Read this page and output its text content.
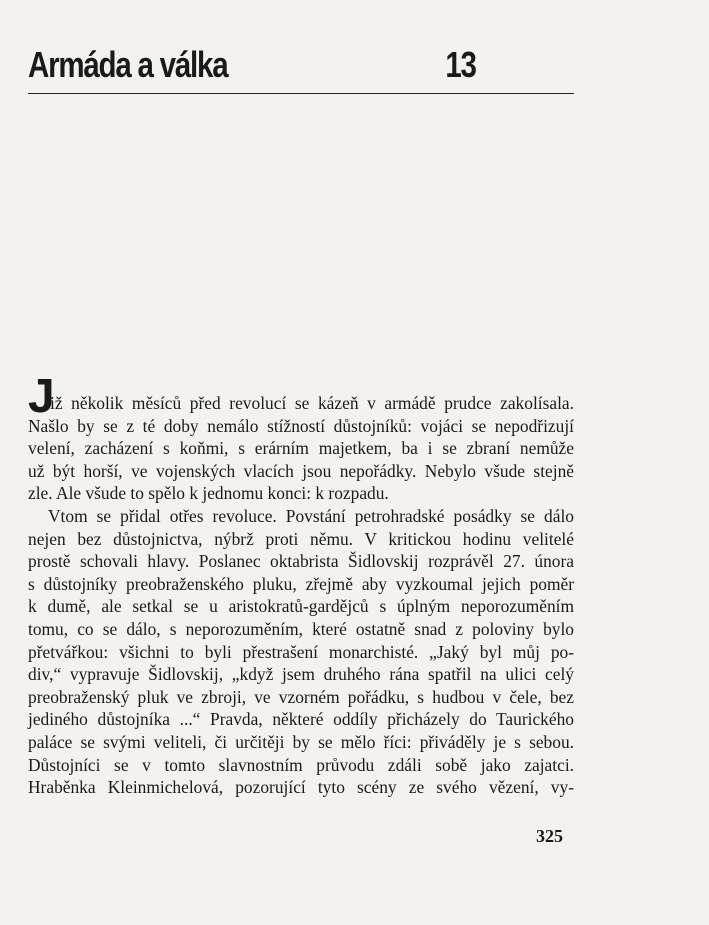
Armáda a válka	13
J
iž několik měsíců před revolucí se kázeň v armádě prudce zakolísala.
Našlo by se z té doby nemálo stížností důstojníků: vojáci se nepodřizují
velení, zacházení s koňmi, s erárním majetkem, ba i se zbraní nemůže
už být horší, ve vojenských vlacích jsou nepořádky. Nebylo všude stejně
zle. Ale všude to spělo k jednomu konci: k rozpadu.
Vtom se přidal otřes revoluce. Povstání petrohradské posádky se dálo
nejen bez důstojnictva, nýbrž proti němu. V kritickou hodinu velitelé
prostě schovali hlavy. Poslanec oktabrista Šidlovskij rozprávěl 27. února
s důstojníky preobraženského pluku, zřejmě aby vyzkoumal jejich poměr
k dumě, ale setkal se u aristokratů-gardějců s úplným neporozuměním
tomu, co se dálo, s neporozuměním, které ostatně snad z poloviny bylo
přetvářkou: všichni to byli přestrašení monarchisté. „Jaký byl můj po-
div,“ vypravuje Šidlovskij, „když jsem druhého rána spatřil na ulici celý
preobraženský pluk ve zbroji, ve vzorném pořádku, s hudbou v čele, bez
jediného důstojníka ...“ Pravda, některé oddíly přicházely do Taurického
paláce se svými veliteli, či určitěji by se mělo říci: přiváděly je s sebou.
Důstojníci se v tomto slavnostním průvodu zdáli sobě jako zajatci.
Hraběnka Kleinmichelová, pozorující tyto scény ze svého vězení, vy-
325
